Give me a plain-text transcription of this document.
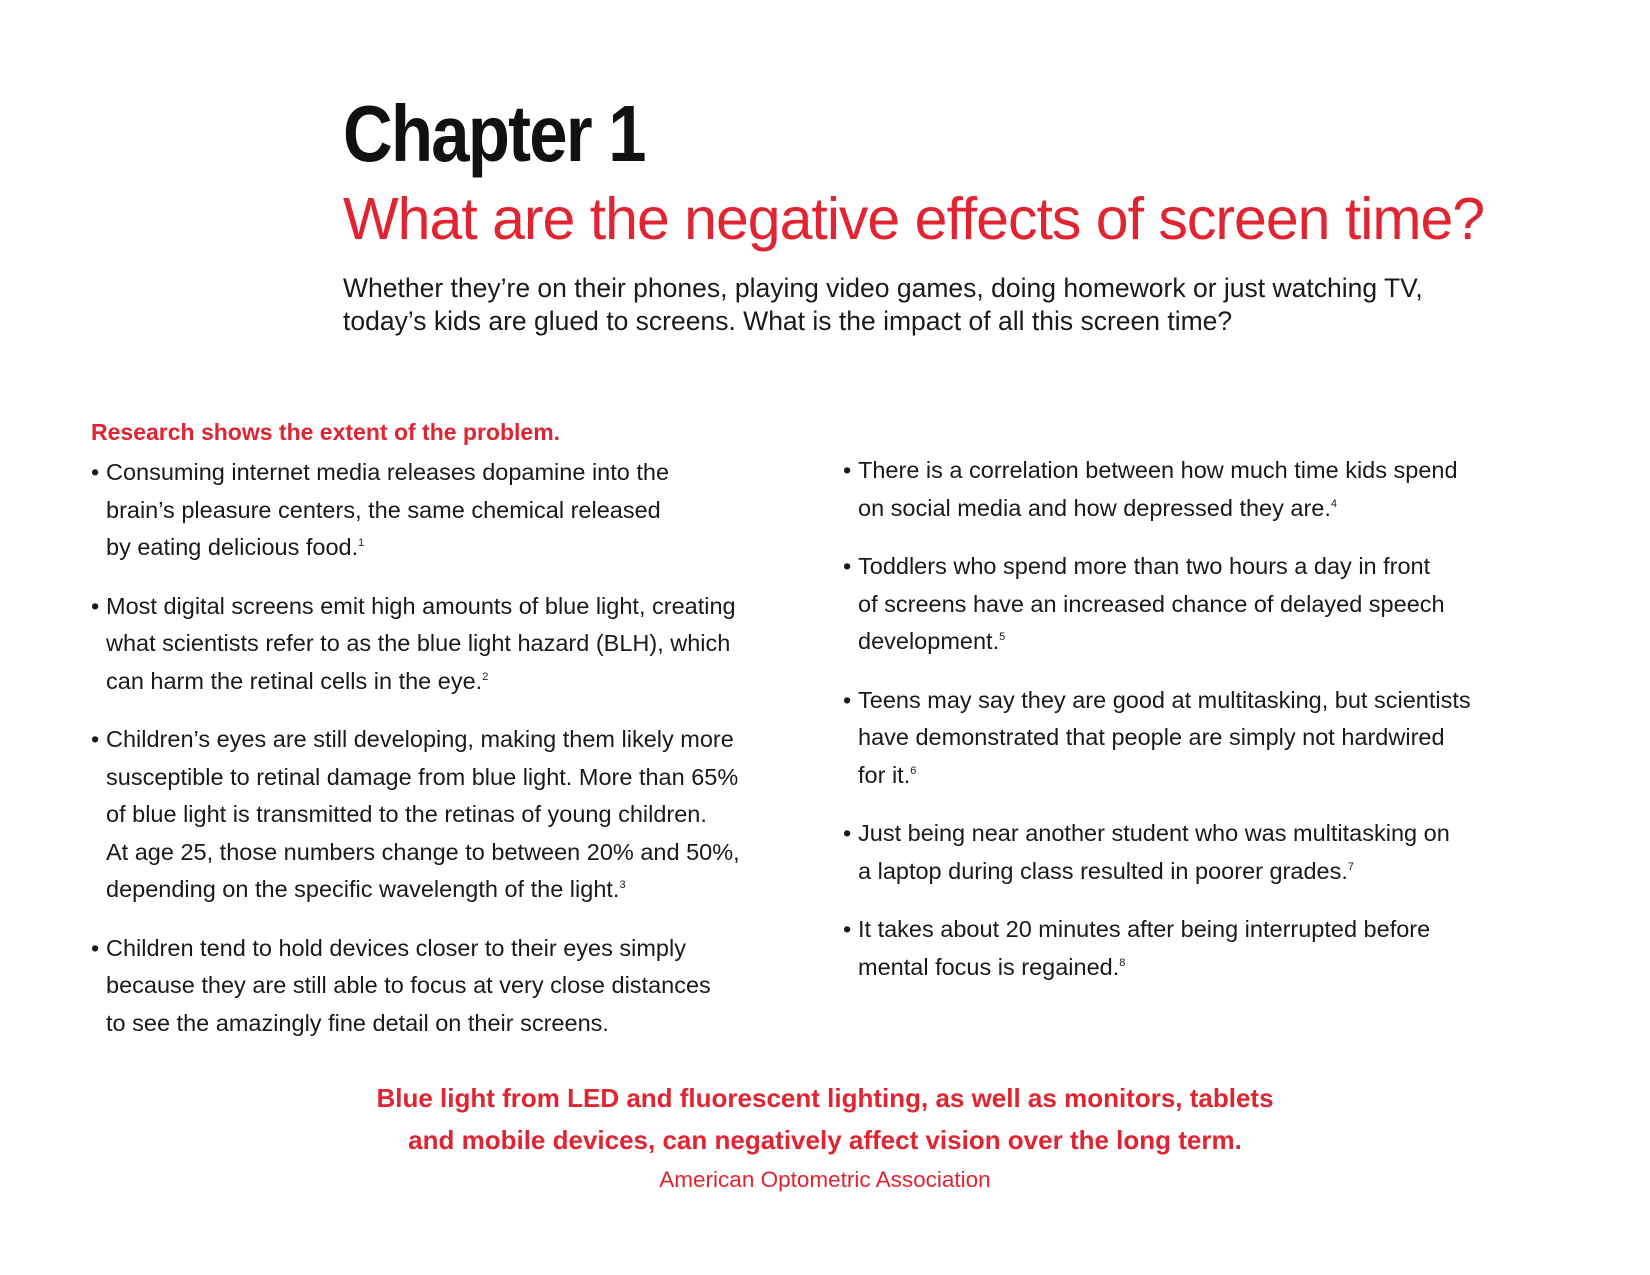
Chapter 1
What are the negative effects of screen time?

Whether they’re on their phones, playing video games, doing homework or just watching TV,
today’s kids are glued to screens. What is the impact of all this screen time?

Research shows the extent of the problem.

• Consuming internet media releases dopamine into the
brain’s pleasure centers, the same chemical released
by eating delicious food.$^1$
• Most digital screens emit high amounts of blue light, creating
what scientists refer to as the blue light hazard (BLH), which
can harm the retinal cells in the eye.$^2$
• Children’s eyes are still developing, making them likely more
susceptible to retinal damage from blue light. More than 65%
of blue light is transmitted to the retinas of young children.
At age 25, those numbers change to between 20% and 50%,
depending on the specific wavelength of the light.$^3$
• Children tend to hold devices closer to their eyes simply
because they are still able to focus at very close distances
to see the amazingly fine detail on their screens.
• There is a correlation between how much time kids spend
on social media and how depressed they are.$^4$
• Toddlers who spend more than two hours a day in front
of screens have an increased chance of delayed speech
development.$^5$
• Teens may say they are good at multitasking, but scientists
have demonstrated that people are simply not hardwired
for it.$^6$
• Just being near another student who was multitasking on
a laptop during class resulted in poorer grades.$^7$
• It takes about 20 minutes after being interrupted before
mental focus is regained.$^8$

Blue light from LED and fluorescent lighting, as well as monitors, tablets
and mobile devices, can negatively affect vision over the long term.

American Optometric Association
